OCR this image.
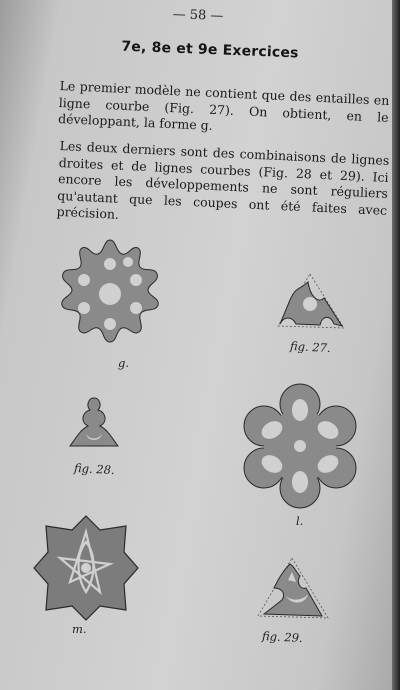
— 58 —
7e, 8e et 9e Exercices
Le premier modèle ne contient que des entailles en ligne courbe (Fig. 27). On obtient, en le développant, la forme g.
Les deux derniers sont des combinaisons de lignes droites et de lignes courbes (Fig. 28 et 29). Ici encore les développements ne sont réguliers qu'autant que les coupes ont été faites avec précision.
g.
fig. 27.
fig. 28.
l.
m.	fig. 29.
